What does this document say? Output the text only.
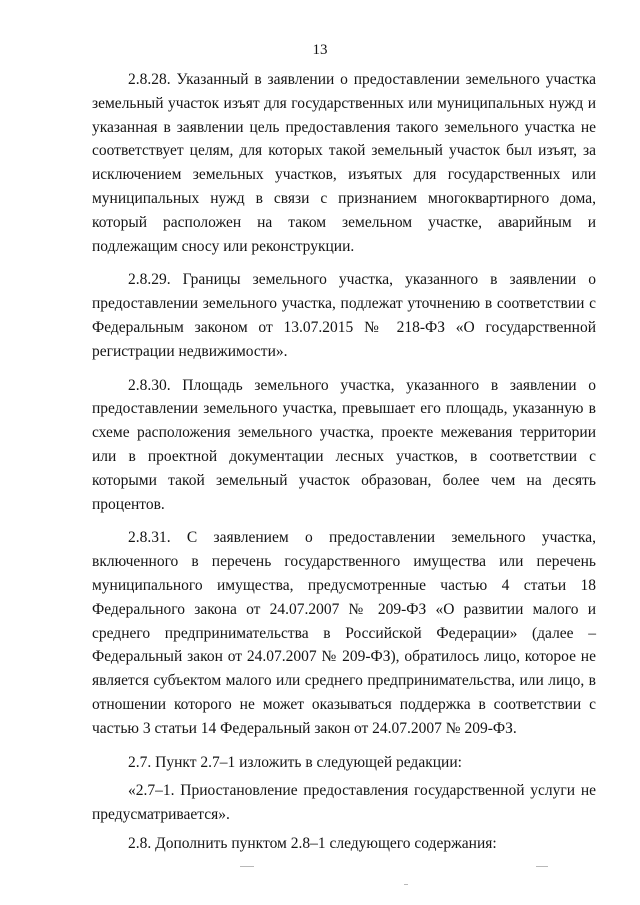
13

2.8.28. Указанный в заявлении о предоставлении земельного участка земельный участок изъят для государственных или муниципальных нужд и указанная в заявлении цель предоставления такого земельного участка не соответствует целям, для которых такой земельный участок был изъят, за исключением земельных участков, изъятых для государственных или муниципальных нужд в связи с признанием многоквартирного дома, который расположен на таком земельном участке, аварийным и подлежащим сносу или реконструкции.

2.8.29. Границы земельного участка, указанного в заявлении о предоставлении земельного участка, подлежат уточнению в соответствии с Федеральным законом от 13.07.2015 № 218-ФЗ «О государственной регистрации недвижимости».

2.8.30. Площадь земельного участка, указанного в заявлении о предоставлении земельного участка, превышает его площадь, указанную в схеме расположения земельного участка, проекте межевания территории или в проектной документации лесных участков, в соответствии с которыми такой земельный участок образован, более чем на десять процентов.

2.8.31. С заявлением о предоставлении земельного участка, включенного в перечень государственного имущества или перечень муниципального имущества, предусмотренные частью 4 статьи 18 Федерального закона от 24.07.2007 № 209-ФЗ «О развитии малого и среднего предпринимательства в Российской Федерации» (далее – Федеральный закон от 24.07.2007 № 209-ФЗ), обратилось лицо, которое не является субъектом малого или среднего предпринимательства, или лицо, в отношении которого не может оказываться поддержка в соответствии с частью 3 статьи 14 Федеральный закон от 24.07.2007 № 209-ФЗ.

2.7. Пункт 2.7–1 изложить в следующей редакции:

«2.7–1. Приостановление предоставления государственной услуги не предусматривается».

2.8. Дополнить пунктом 2.8–1 следующего содержания:
